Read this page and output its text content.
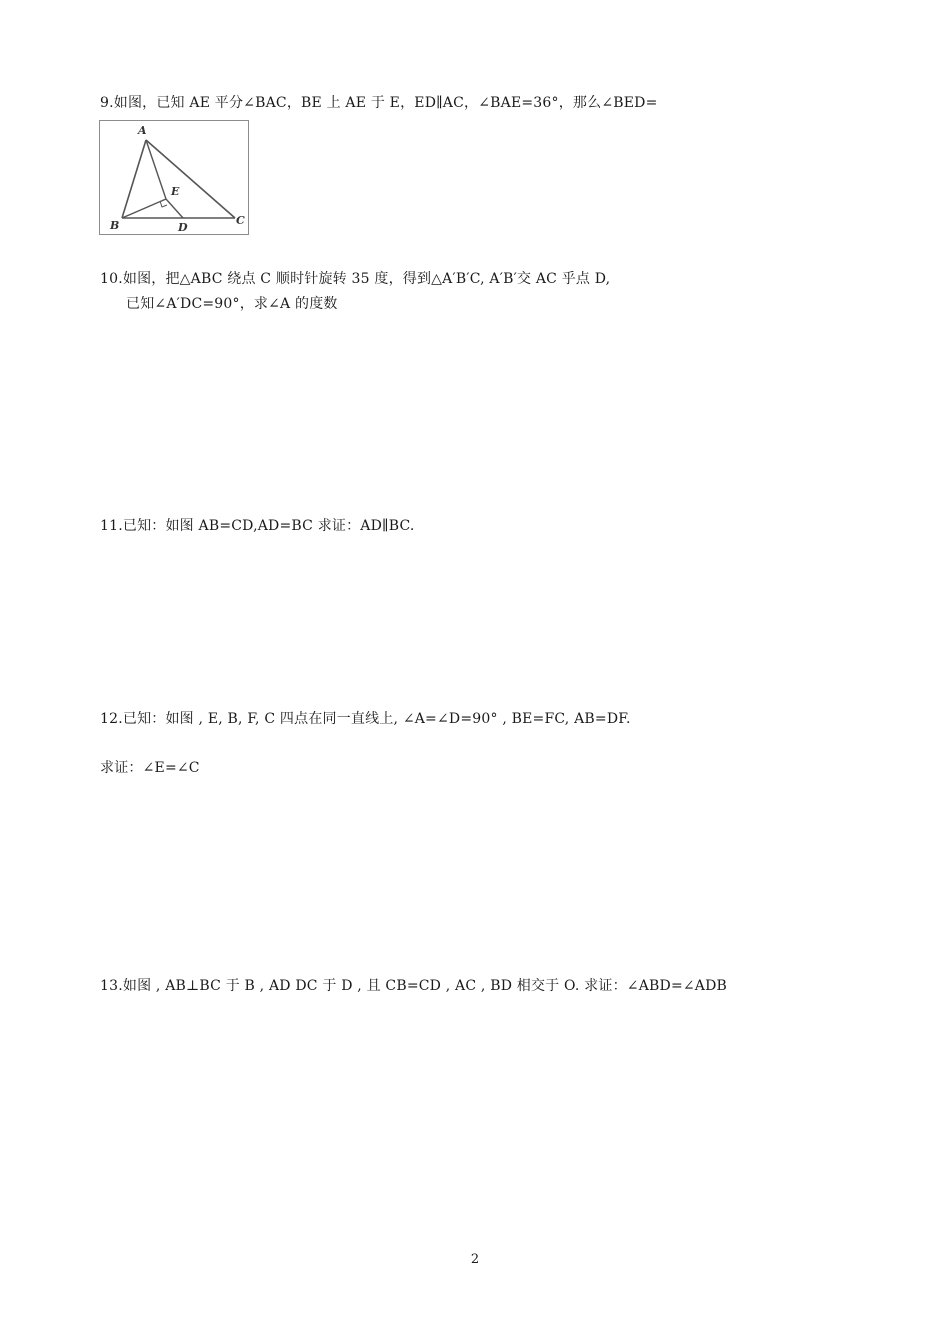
9.如图，已知 AE 平分∠BAC，BE 上 AE 于 E，ED∥AC，∠BAE=36°，那么∠BED=
A
B	C
D
E
10.如图，把△ABC 绕点 C 顺时针旋转 35 度，得到△A′B′C, A′B′交 AC 乎点 D,
已知∠A′DC=90°，求∠A 的度数
11.已知：如图 AB=CD,AD=BC 求证：AD∥BC.
12.已知：如图 , E, B, F, C 四点在同一直线上, ∠A=∠D=90° , BE=FC, AB=DF.
求证：∠E=∠C
13.如图 , AB⊥BC 于 B , AD DC 于 D , 且 CB=CD , AC , BD 相交于 O. 求证：∠ABD=∠ADB
2
